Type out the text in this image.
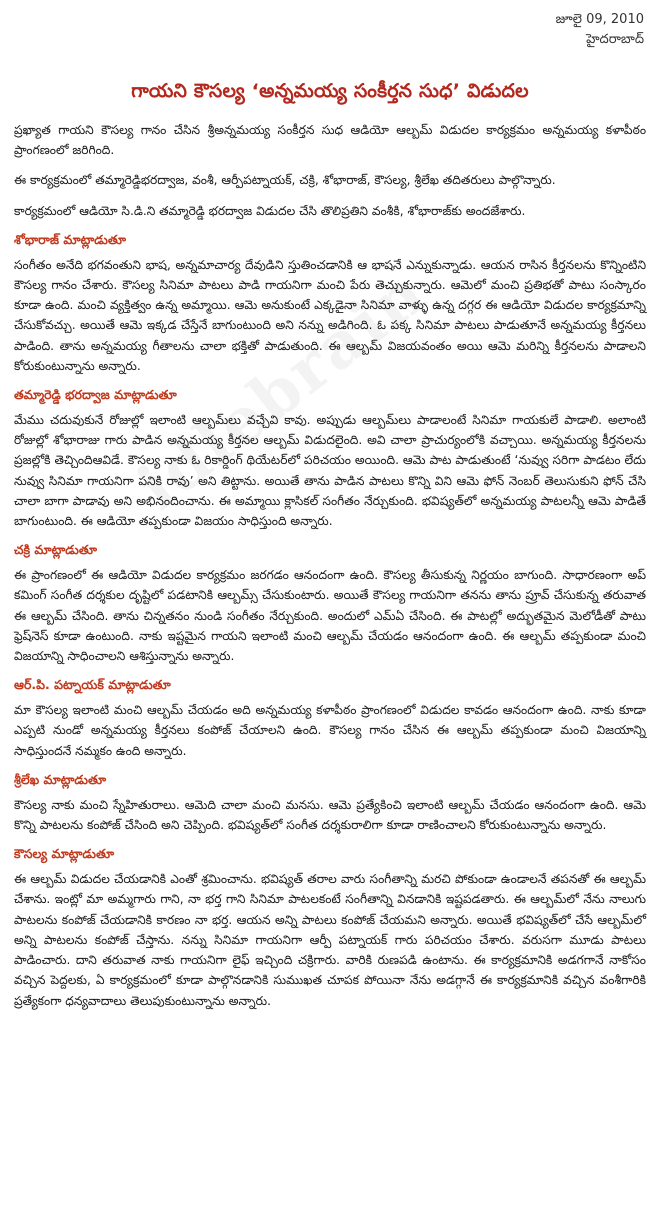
జూలై 09, 2010
హైదరాబాద్
గాయని కౌసల్య ‘అన్నమయ్య సంకీర్తన సుధ’ విడుదల

ప్రఖ్యాత గాయని కౌసల్య గానం చేసిన శ్రీఅన్నమయ్య సంకీర్తన సుధ ఆడియో ఆల్బమ్ విడుదల కార్యక్రమం అన్నమయ్య కళాపీఠం ప్రాంగణంలో జరిగింది.

ఈ కార్యక్రమంలో తమ్మారెడ్డిభరద్వాజ, వంశీ, ఆర్పీపట్నాయక్, చక్రి, శోభారాజ్, కౌసల్య, శ్రీలేఖ తదితరులు పాల్గొన్నారు.

కార్యక్రమంలో ఆడియో సి.డి.ని తమ్మారెడ్డి భరద్వాజ విడుదల చేసి తొలిప్రతిని వంశీకి, శోభారాజ్‌కు అందజేశారు.

శోభారాజ్ మాట్లాడుతూ

సంగీతం అనేది భగవంతుని భాష, అన్నమాచార్య దేవుడిని స్తుతించడానికి ఆ భాషనే ఎన్నుకున్నాడు. ఆయన రాసిన కీర్తనలను కొన్నింటిని కౌసల్య గానం చేశారు. కౌసల్య సినిమా పాటలు పాడి గాయనిగా మంచి పేరు తెచ్చుకున్నారు. ఆమెలో మంచి ప్రతిభతో పాటు సంస్కారం కూడా ఉంది. మంచి వ్యక్తిత్వం ఉన్న అమ్మాయి. ఆమె అనుకుంటే ఎక్కడైనా సినిమా వాళ్ళు ఉన్న దగ్గర ఈ ఆడియో విడుదల కార్యక్రమాన్ని చేసుకోవచ్చు. అయితే ఆమె ఇక్కడ చేస్తేనే బాగుంటుంది అని నన్ను అడిగింది. ఓ పక్క సినిమా పాటలు పాడుతూనే అన్నమయ్య కీర్తనలు పాడింది. తాను అన్నమయ్య గీతాలను చాలా భక్తితో పాడుతుంది. ఈ ఆల్బమ్ విజయవంతం అయి ఆమె మరిన్ని కీర్తనలను పాడాలని కోరుకుంటున్నాను అన్నారు.

తమ్మారెడ్డి భరద్వాజ మాట్లాడుతూ

మేము చదువుకునే రోజుల్లో ఇలాంటి ఆల్బమ్‌లు వచ్చేవి కావు. అప్పుడు ఆల్బమ్‌లు పాడాలంటే సినిమా గాయకులే పాడాలి. అలాంటి రోజుల్లో శోభారాజు గారు పాడిన అన్నమయ్య కీర్తనల ఆల్బమ్ విడుదలైంది. అవి చాలా ప్రాచుర్యంలోకి వచ్చాయి. అన్నమయ్య కీర్తనలను ప్రజల్లోకి తెచ్చిందిఆవిడే. కౌసల్య నాకు ఓ రికార్డింగ్ థియేటర్‌లో పరిచయం అయింది. ఆమె పాట పాడుతుంటే ‘నువ్వు సరిగా పాడటం లేదు నువ్వు సినిమా గాయనిగా పనికి రావు’ అని తిట్టాను. అయితే తాను పాడిన పాటలు కొన్ని విని ఆమె ఫోన్ నెంబర్ తెలుసుకుని ఫోన్ చేసి చాలా బాగా పాడావు అని అభినందించాను. ఈ అమ్మాయి క్లాసికల్ సంగీతం నేర్చుకుంది. భవిష్యత్‌లో అన్నమయ్య పాటలన్నీ ఆమె పాడితే బాగుంటుంది. ఈ ఆడియో తప్పకుండా విజయం సాధిస్తుంది అన్నారు.

చక్రి మాట్లాడుతూ

ఈ ప్రాంగణంలో ఈ ఆడియో విడుదల కార్యక్రమం జరగడం ఆనందంగా ఉంది. కౌసల్య తీసుకున్న నిర్ణయం బాగుంది. సాధారణంగా అప్ కమింగ్ సంగీత దర్శకుల దృష్టిలో పడటానికి ఆల్బమ్స్ చేసుకుంటారు. అయితే కౌసల్య గాయనిగా తనను తాను ప్రూవ్ చేసుకున్న తరువాత ఈ ఆల్బమ్ చేసింది. తాను చిన్నతనం నుండి సంగీతం నేర్చుకుంది. అందులో ఎమ్‌ఏ చేసింది. ఈ పాటల్లో అద్భుతమైన మెలోడీతో పాటు ఫ్రెష్‌నెస్ కూడా ఉంటుంది. నాకు ఇష్టమైన గాయని ఇలాంటి మంచి ఆల్బమ్ చేయడం ఆనందంగా ఉంది. ఈ ఆల్బమ్ తప్పకుండా మంచి విజయాన్ని సాధించాలని ఆశిస్తున్నాను అన్నారు.

ఆర్.పి. పట్నాయక్ మాట్లాడుతూ

మా కౌసల్య ఇలాంటి మంచి ఆల్బమ్ చేయడం అది అన్నమయ్య కళాపీఠం ప్రాంగణంలో విడుదల కావడం ఆనందంగా ఉంది. నాకు కూడా ఎప్పటి నుండో అన్నమయ్య కీర్తనలు కంపోజ్ చేయాలని ఉంది. కౌసల్య గానం చేసిన ఈ ఆల్బమ్ తప్పకుండా మంచి విజయాన్ని సాధిస్తుందనే నమ్మకం ఉంది అన్నారు.

శ్రీలేఖ మాట్లాడుతూ

కౌసల్య నాకు మంచి స్నేహితురాలు. ఆమెది చాలా మంచి మనసు. ఆమె ప్రత్యేకించి ఇలాంటి ఆల్బమ్ చేయడం ఆనందంగా ఉంది. ఆమె కొన్ని పాటలను కంపోజ్ చేసింది అని చెప్పింది. భవిష్యత్‌లో సంగీత దర్శకురాలిగా కూడా రాణించాలని కోరుకుంటున్నాను అన్నారు.

కౌసల్య మాట్లాడుతూ

ఈ ఆల్బమ్ విడుదల చేయడానికి ఎంతో శ్రమించాను. భవిష్యత్ తరాల వారు సంగీతాన్ని మరచి పోకుండా ఉండాలనే తపనతో ఈ ఆల్బమ్ చేశాను. ఇంట్లో మా అమ్మగారు గాని, నా భర్త గాని సినిమా పాటలకంటే సంగీతాన్ని వినడానికి ఇష్టపడతారు. ఈ ఆల్బమ్‌లో నేను నాలుగు పాటలను కంపోజ్ చేయడానికి కారణం నా భర్త. ఆయన అన్ని పాటలు కంపోజ్ చేయమని అన్నారు. అయితే భవిష్యత్‌లో చేసే ఆల్బమ్‌లో అన్ని పాటలను కంపోజ్ చేస్తాను. నన్ను సినిమా గాయనిగా ఆర్పీ పట్నాయక్ గారు పరిచయం చేశారు. వరుసగా మూడు పాటలు పాడించారు. దాని తరువాత నాకు గాయనిగా లైఫ్ ఇచ్చింది చక్రిగారు. వారికి రుణపడి ఉంటాను. ఈ కార్యక్రమానికి అడగగానే నాకోసం వచ్చిన పెద్దలకు, ఏ కార్యక్రమంలో కూడా పాల్గొనడానికి సుముఖత చూపక పోయినా నేను అడగ్గానే ఈ కార్యక్రమానికి వచ్చిన వంశీగారికి ప్రత్యేకంగా ధన్యవాదాలు తెలుపుకుంటున్నాను అన్నారు.
